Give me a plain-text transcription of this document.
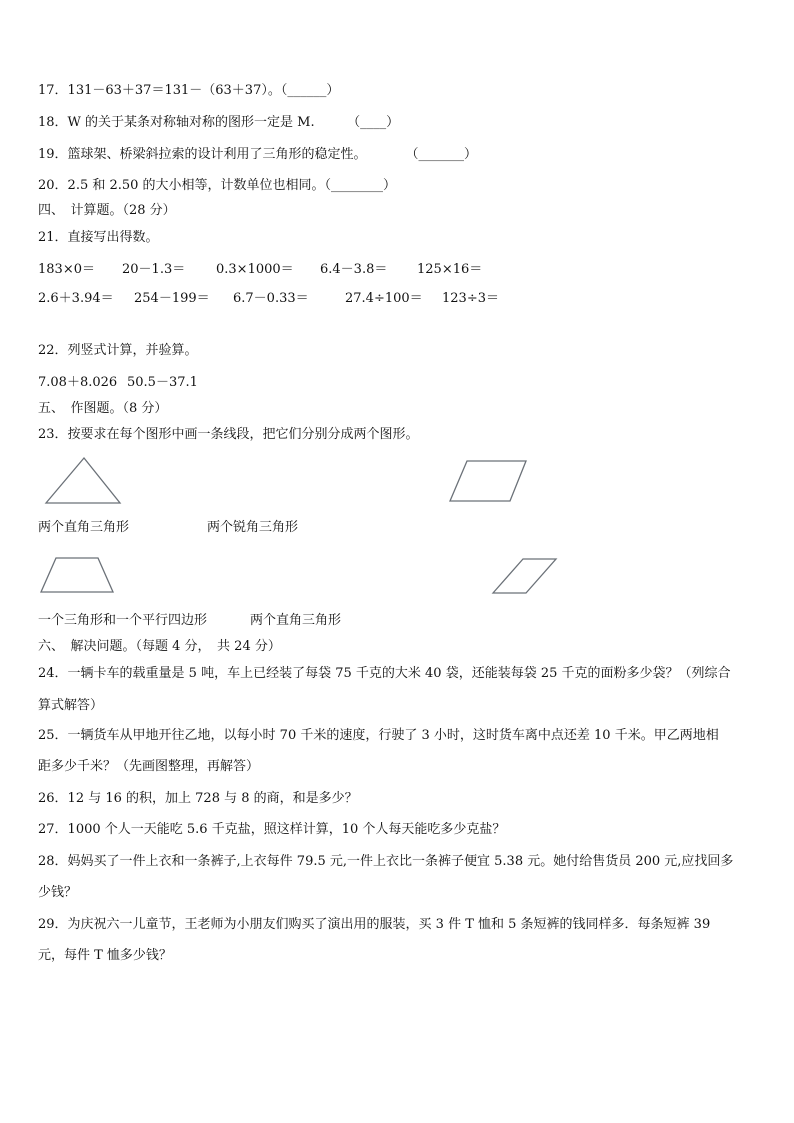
17．131－63＋37＝131－（63＋37）。（______）
18．W 的关于某条对称轴对称的图形一定是 M.　　　（____）
19．篮球架、桥梁斜拉索的设计利用了三角形的稳定性。　　　　（_______）
20．2.5 和 2.50 的大小相等，计数单位也相同。（________）
四、　计算题。（28 分）
21．直接写出得数。
183×0＝ 20－1.3＝ 0.3×1000＝ 6.4－3.8＝ 125×16＝
2.6＋3.94＝ 254－199＝ 6.7－0.33＝	27.4÷100＝ 123÷3＝
22．列竖式计算，并验算。
7.08＋8.026 50.5－37.1
五、　作图题。（8 分）
23．按要求在每个图形中画一条线段，把它们分别分成两个图形。
两个直角三角形	两个锐角三角形
一个三角形和一个平行四边形	两个直角三角形
六、　解决问题。（每题 4 分，　共 24 分）
24．一辆卡车的载重量是 5 吨，车上已经装了每袋 75 千克的大米 40 袋，还能装每袋 25 千克的面粉多少袋？（列综合
算式解答）
25．一辆货车从甲地开往乙地，以每小时 70 千米的速度，行驶了 3 小时，这时货车离中点还差 10 千米。甲乙两地相
距多少千米？（先画图整理，再解答）
26．12 与 16 的积，加上 728 与 8 的商，和是多少？
27．1000 个人一天能吃 5.6 千克盐，照这样计算，10 个人每天能吃多少克盐？
28．妈妈买了一件上衣和一条裤子,上衣每件 79.5 元,一件上衣比一条裤子便宜 5.38 元。她付给售货员 200 元,应找回多
少钱？
29．为庆祝六一儿童节，王老师为小朋友们购买了演出用的服装，买 3 件 T 恤和 5 条短裤的钱同样多．每条短裤 39
元，每件 T 恤多少钱？
